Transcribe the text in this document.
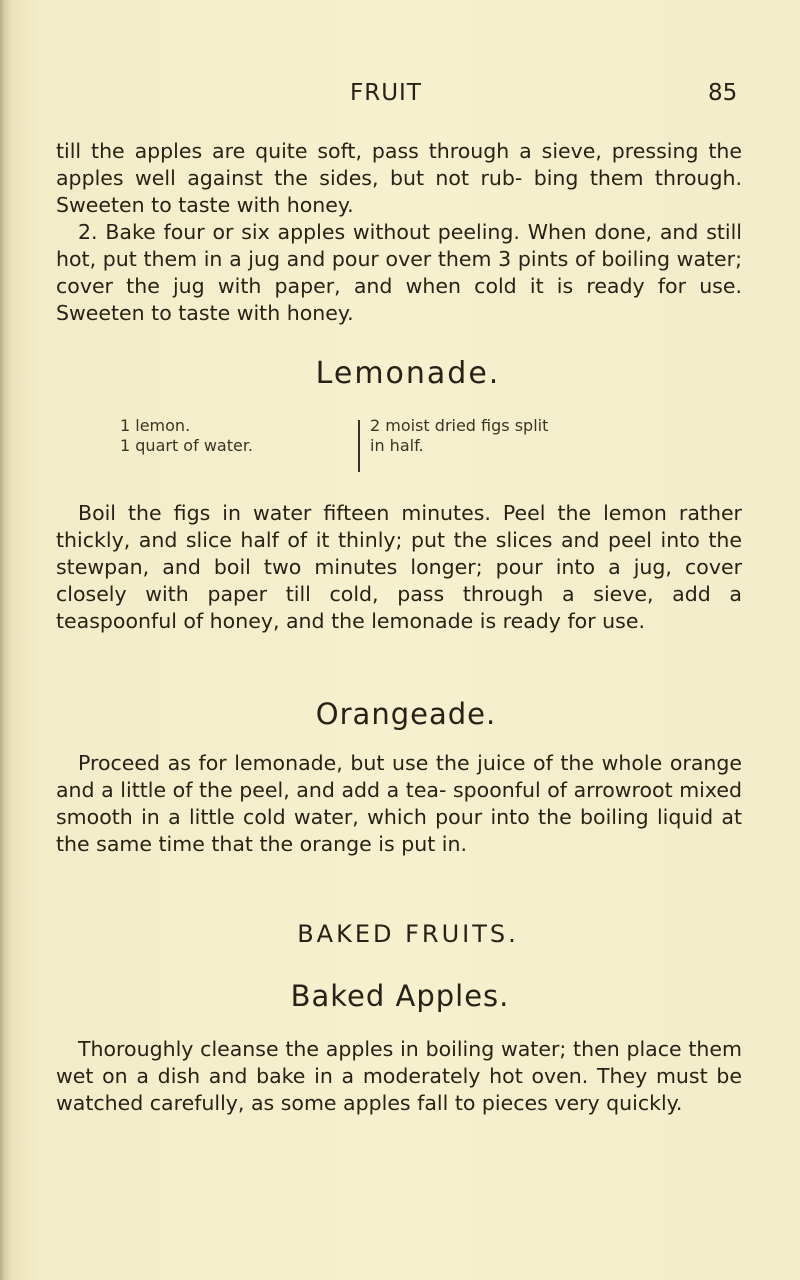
FRUIT	85

till the apples are quite soft, pass through a sieve, pressing the apples well against the sides, but not rub- bing them through. Sweeten to taste with honey.

2. Bake four or six apples without peeling. When done, and still hot, put them in a jug and pour over them 3 pints of boiling water; cover the jug with paper, and when cold it is ready for use. Sweeten to taste with honey.

Lemonade.
1 lemon.
1 quart of water.
2 moist dried figs split
in half.

Boil the figs in water fifteen minutes. Peel the lemon rather thickly, and slice half of it thinly; put the slices and peel into the stewpan, and boil two minutes longer; pour into a jug, cover closely with paper till cold, pass through a sieve, add a teaspoonful of honey, and the lemonade is ready for use.

Orangeade.

Proceed as for lemonade, but use the juice of the whole orange and a little of the peel, and add a tea- spoonful of arrowroot mixed smooth in a little cold water, which pour into the boiling liquid at the same time that the orange is put in.

BAKED FRUITS.
Baked Apples.

Thoroughly cleanse the apples in boiling water; then place them wet on a dish and bake in a moderately hot oven. They must be watched carefully, as some apples fall to pieces very quickly.
